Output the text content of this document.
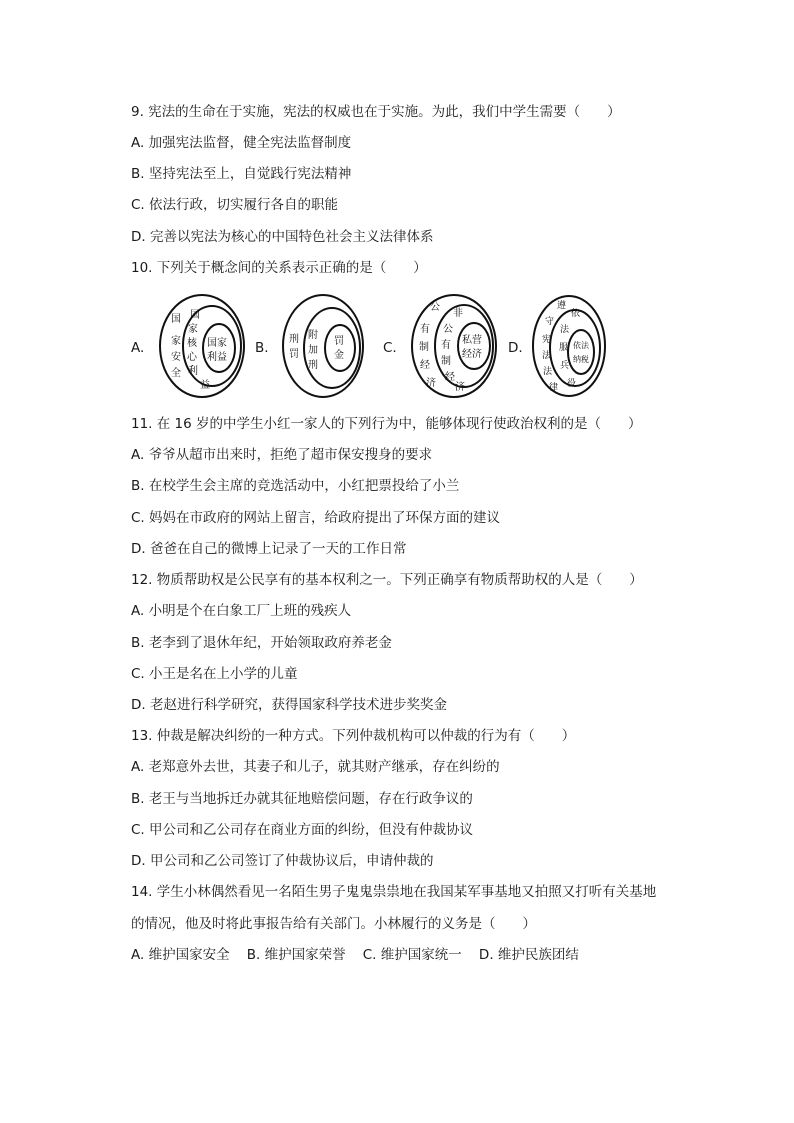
9. 宪法的生命在于实施，宪法的权威也在于实施。为此，我们中学生需要（　　）
A. 加强宪法监督，健全宪法监督制度
B. 坚持宪法至上，自觉践行宪法精神
C. 依法行政，切实履行各自的职能
D. 完善以宪法为核心的中国特色社会主义法律体系
10. 下列关于概念间的关系表示正确的是（　　）
A.
国
家
安
全
国
家
核
心
利
益
国家
利益
B.
刑
罚
附
加
刑
罚
金	C.
公
有
制
经
济
非
公
有
制
经
济
私营
经济 D.
遵
守
宪
法
法
律
依
法
服
兵
役
依法
纳税
11. 在 16 岁的中学生小红一家人的下列行为中，能够体现行使政治权利的是（　　）
A. 爷爷从超市出来时，拒绝了超市保安搜身的要求
B. 在校学生会主席的竞选活动中，小红把票投给了小兰
C. 妈妈在市政府的网站上留言，给政府提出了环保方面的建议
D. 爸爸在自己的微博上记录了一天的工作日常
12. 物质帮助权是公民享有的基本权利之一。下列正确享有物质帮助权的人是（　　）
A. 小明是个在白象工厂上班的残疾人
B. 老李到了退休年纪，开始领取政府养老金
C. 小王是名在上小学的儿童
D. 老赵进行科学研究，获得国家科学技术进步奖奖金
13. 仲裁是解决纠纷的一种方式。下列仲裁机构可以仲裁的行为有（　　）
A. 老郑意外去世，其妻子和儿子，就其财产继承，存在纠纷的
B. 老王与当地拆迁办就其征地赔偿问题，存在行政争议的
C. 甲公司和乙公司存在商业方面的纠纷，但没有仲裁协议
D. 甲公司和乙公司签订了仲裁协议后，申请仲裁的
14. 学生小林偶然看见一名陌生男子鬼鬼祟祟地在我国某军事基地又拍照又打听有关基地
的情况，他及时将此事报告给有关部门。小林履行的义务是（　　）
A. 维护国家安全    B. 维护国家荣誉    C. 维护国家统一    D. 维护民族团结
